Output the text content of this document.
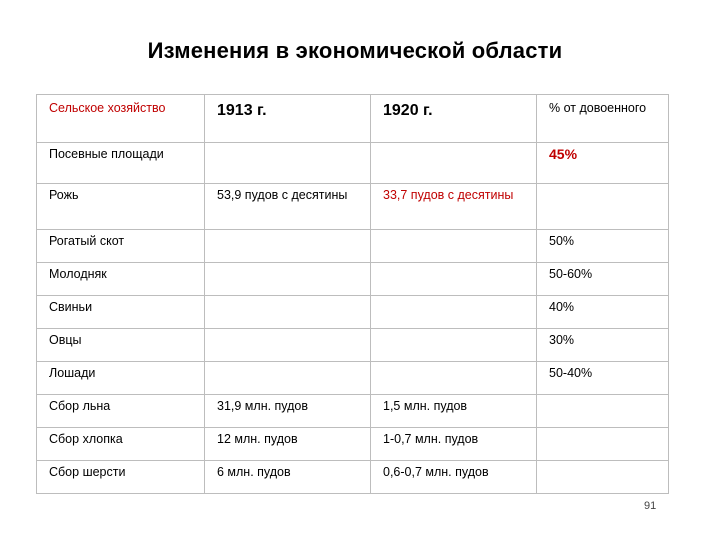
Изменения в экономической области
Сельское хозяйство	1913 г.	1920 г.	% от довоенного
Посевные площади			45%
Рожь	53,9 пудов с десятины	33,7 пудов с десятины	
Рогатый скот			50%
Молодняк			50-60%
Свиньи			40%
Овцы			30%
Лошади			50-40%
Сбор льна	31,9 млн. пудов	1,5 млн. пудов	
Сбор хлопка	12 млн. пудов	1-0,7 млн. пудов	
Сбор шерсти	6 млн. пудов	0,6-0,7 млн. пудов	
91
